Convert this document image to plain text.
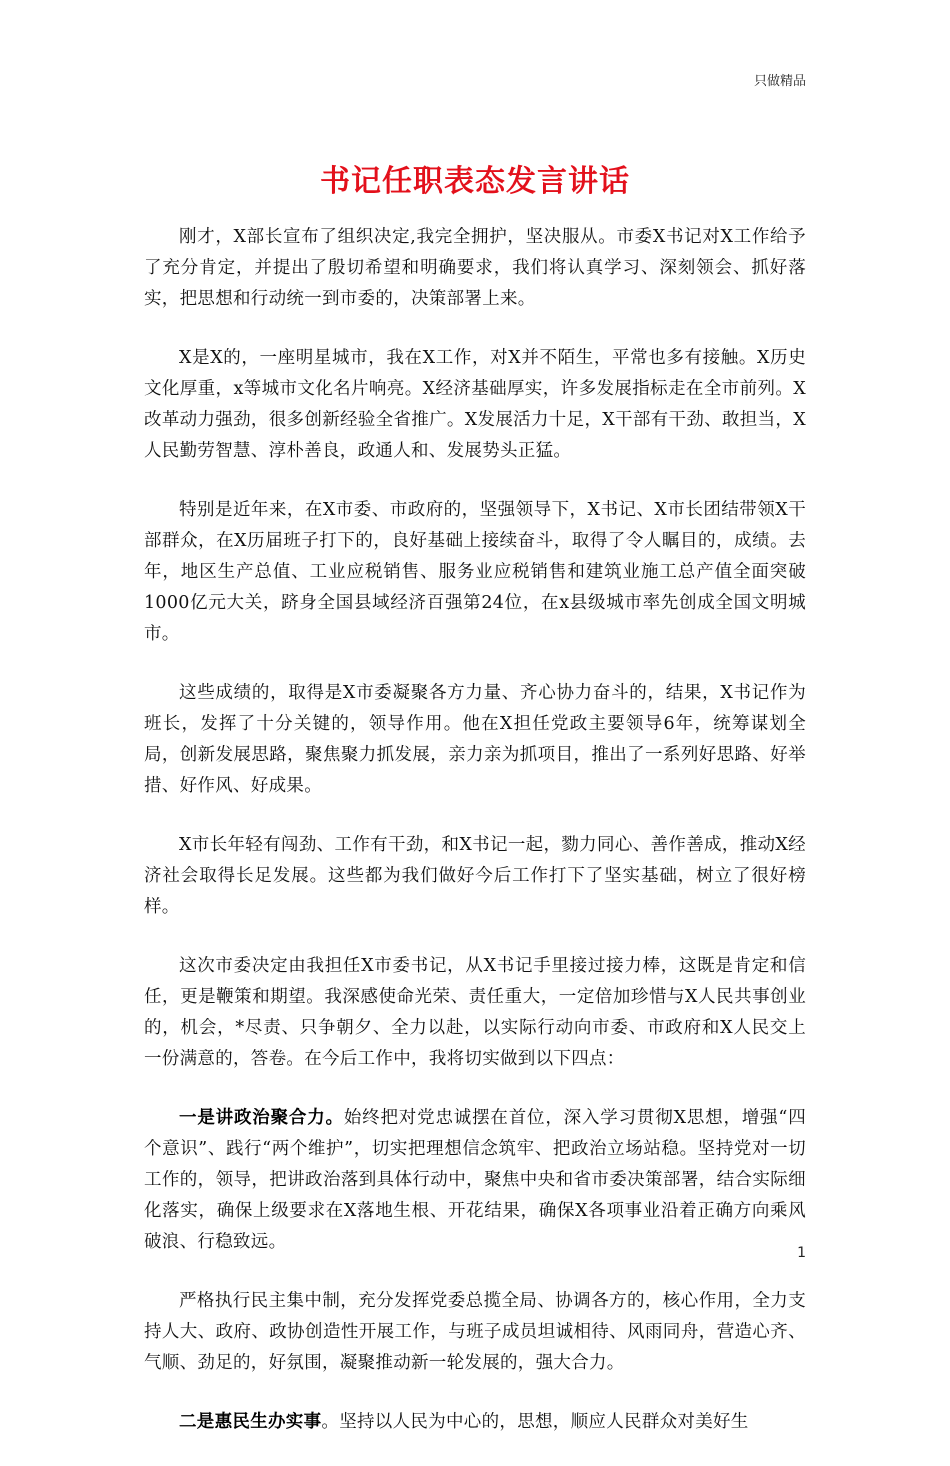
只做精品
书记任职表态发言讲话

刚才，X部长宣布了组织决定,我完全拥护，坚决服从。市委X书记对X工作给予了充分肯定，并提出了殷切希望和明确要求，我们将认真学习、深刻领会、抓好落实，把思想和行动统一到市委的，决策部署上来。

X是X的，一座明星城市，我在X工作，对X并不陌生，平常也多有接触。X历史文化厚重，x等城市文化名片响亮。X经济基础厚实，许多发展指标走在全市前列。X改革动力强劲，很多创新经验全省推广。X发展活力十足，X干部有干劲、敢担当，X人民勤劳智慧、淳朴善良，政通人和、发展势头正猛。

特别是近年来，在X市委、市政府的，坚强领导下，X书记、X市长团结带领X干部群众，在X历届班子打下的，良好基础上接续奋斗，取得了令人瞩目的，成绩。去年，地区生产总值、工业应税销售、服务业应税销售和建筑业施工总产值全面突破1000亿元大关，跻身全国县域经济百强第24位，在x县级城市率先创成全国文明城市。

这些成绩的，取得是X市委凝聚各方力量、齐心协力奋斗的，结果，X书记作为班长，发挥了十分关键的，领导作用。他在X担任党政主要领导6年，统筹谋划全局，创新发展思路，聚焦聚力抓发展，亲力亲为抓项目，推出了一系列好思路、好举措、好作风、好成果。

X市长年轻有闯劲、工作有干劲，和X书记一起，勠力同心、善作善成，推动X经济社会取得长足发展。这些都为我们做好今后工作打下了坚实基础，树立了很好榜样。

这次市委决定由我担任X市委书记，从X书记手里接过接力棒，这既是肯定和信任，更是鞭策和期望。我深感使命光荣、责任重大，一定倍加珍惜与X人民共事创业的，机会，*尽责、只争朝夕、全力以赴，以实际行动向市委、市政府和X人民交上一份满意的，答卷。在今后工作中，我将切实做到以下四点：

一是讲政治聚合力。始终把对党忠诚摆在首位，深入学习贯彻X思想，增强“四个意识”、践行“两个维护”，切实把理想信念筑牢、把政治立场站稳。坚持党对一切工作的，领导，把讲政治落到具体行动中，聚焦中央和省市委决策部署，结合实际细化落实，确保上级要求在X落地生根、开花结果，确保X各项事业沿着正确方向乘风破浪、行稳致远。

严格执行民主集中制，充分发挥党委总揽全局、协调各方的，核心作用，全力支持人大、政府、政协创造性开展工作，与班子成员坦诚相待、风雨同舟，营造心齐、气顺、劲足的，好氛围，凝聚推动新一轮发展的，强大合力。

二是惠民生办实事。坚持以人民为中心的，思想，顺应人民群众对美好生

1
